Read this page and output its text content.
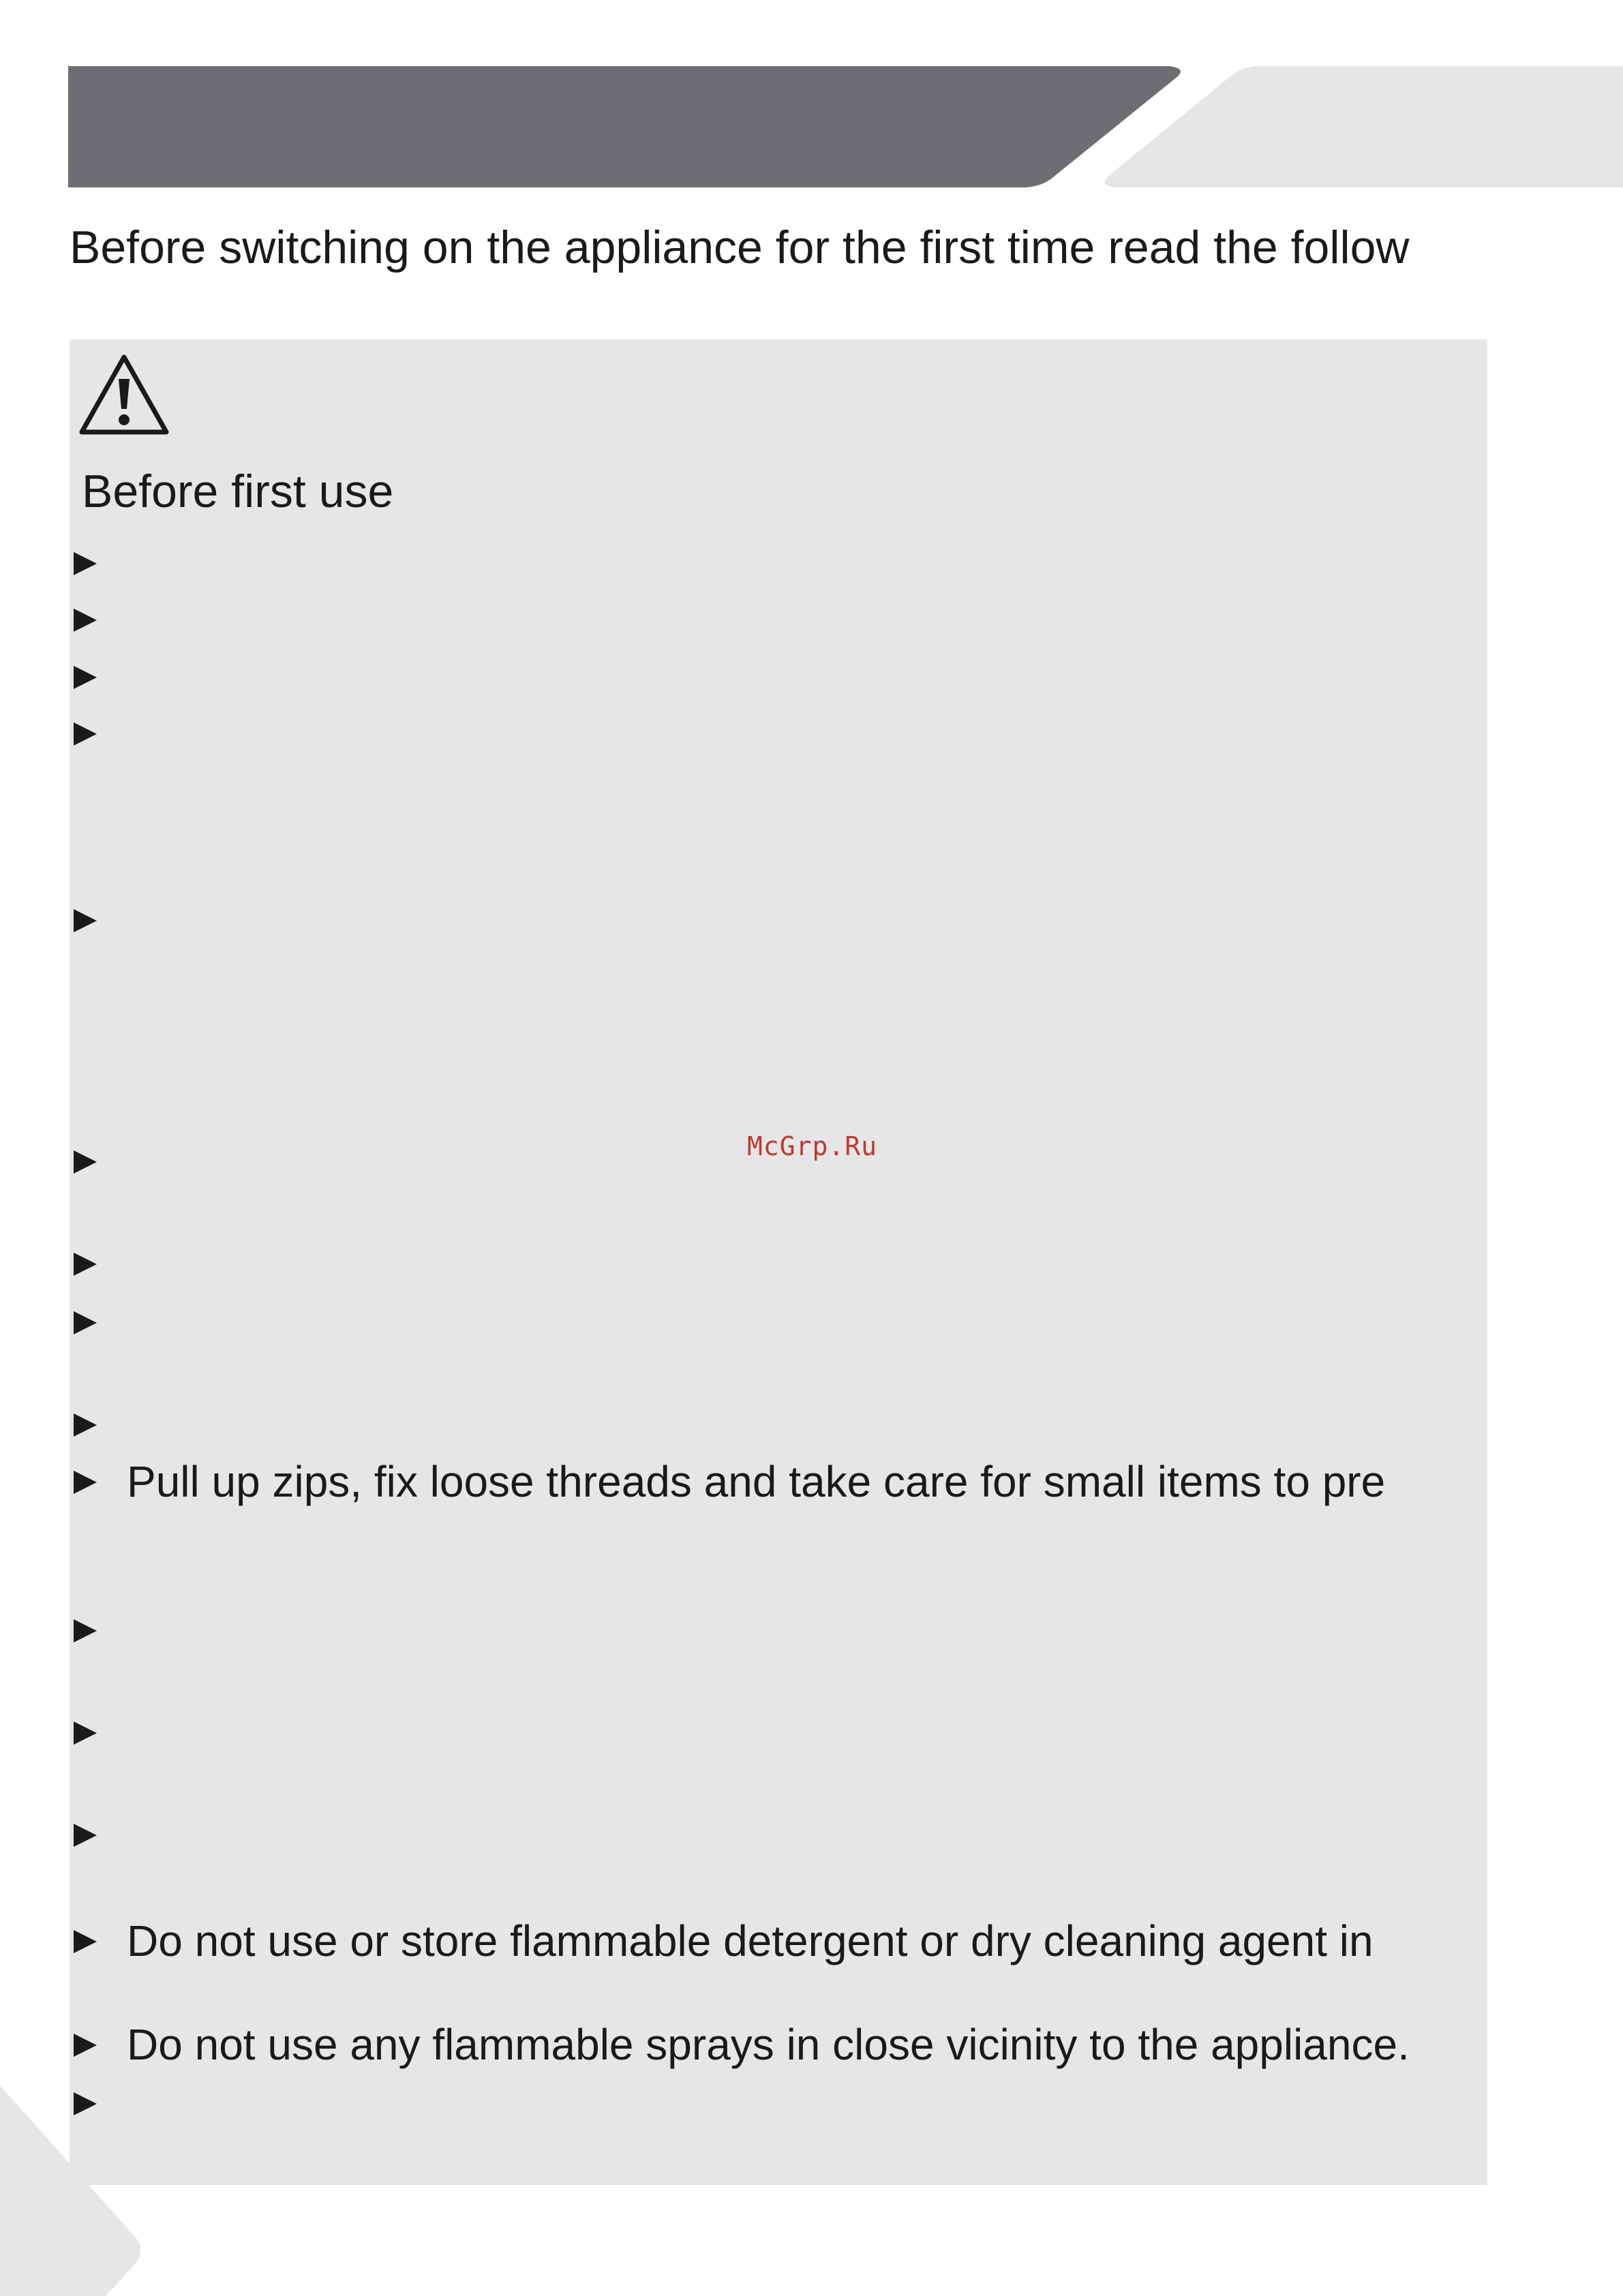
Before switching on the appliance for the first time read the follow
Before first use
Pull up zips, fix loose threads and take care for small items to pre
Do not use or store flammable detergent or dry cleaning agent in
Do not use any flammable sprays in close vicinity to the appliance.
McGrp.Ru
